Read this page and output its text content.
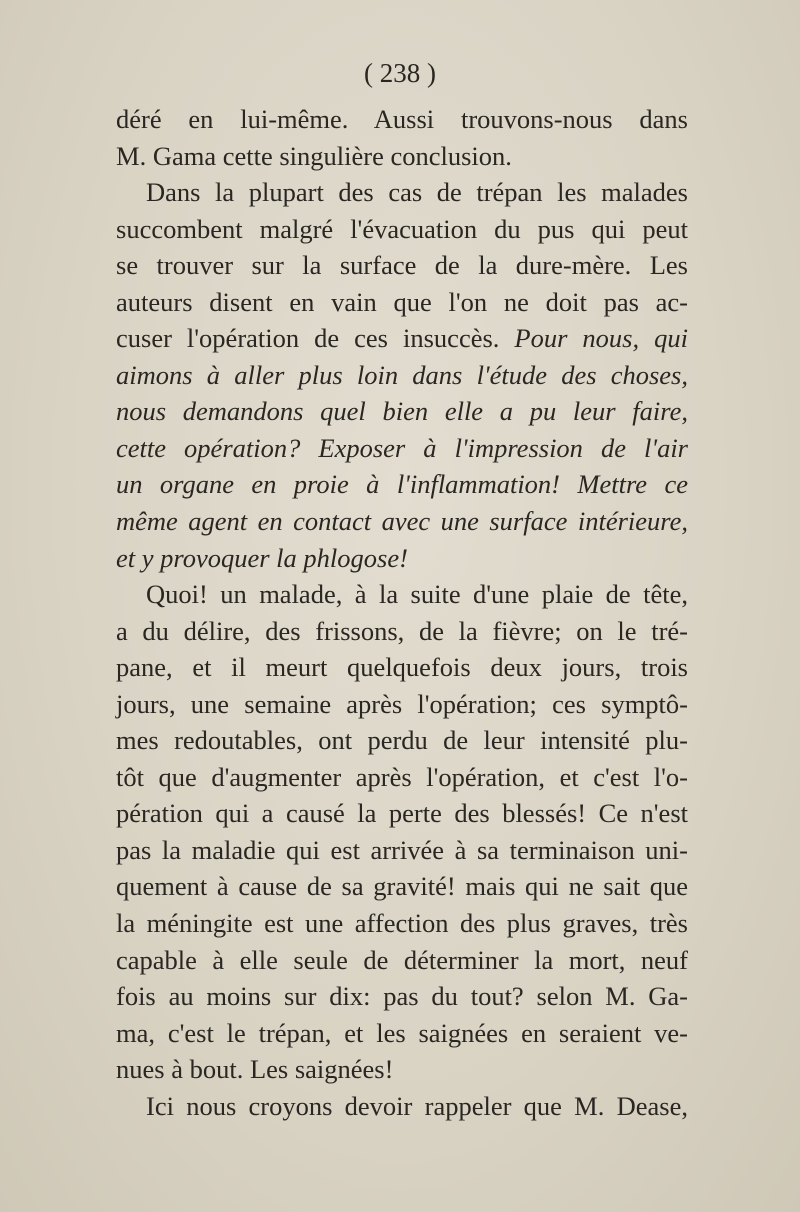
( 238 )
déré en lui-même. Aussi trouvons-nous dans
M. Gama cette singulière conclusion.
Dans la plupart des cas de trépan les malades
succombent malgré l'évacuation du pus qui peut
se trouver sur la surface de la dure-mère. Les
auteurs disent en vain que l'on ne doit pas ac-
cuser l'opération de ces insuccès. Pour nous, qui
aimons à aller plus loin dans l'étude des choses,
nous demandons quel bien elle a pu leur faire,
cette opération? Exposer à l'impression de l'air
un organe en proie à l'inflammation! Mettre ce
même agent en contact avec une surface intérieure,
et y provoquer la phlogose!
Quoi! un malade, à la suite d'une plaie de tête,
a du délire, des frissons, de la fièvre; on le tré-
pane, et il meurt quelquefois deux jours, trois
jours, une semaine après l'opération; ces symptô-
mes redoutables, ont perdu de leur intensité plu-
tôt que d'augmenter après l'opération, et c'est l'o-
pération qui a causé la perte des blessés! Ce n'est
pas la maladie qui est arrivée à sa terminaison uni-
quement à cause de sa gravité! mais qui ne sait que
la méningite est une affection des plus graves, très
capable à elle seule de déterminer la mort, neuf
fois au moins sur dix: pas du tout? selon M. Ga-
ma, c'est le trépan, et les saignées en seraient ve-
nues à bout. Les saignées!
Ici nous croyons devoir rappeler que M. Dease,
